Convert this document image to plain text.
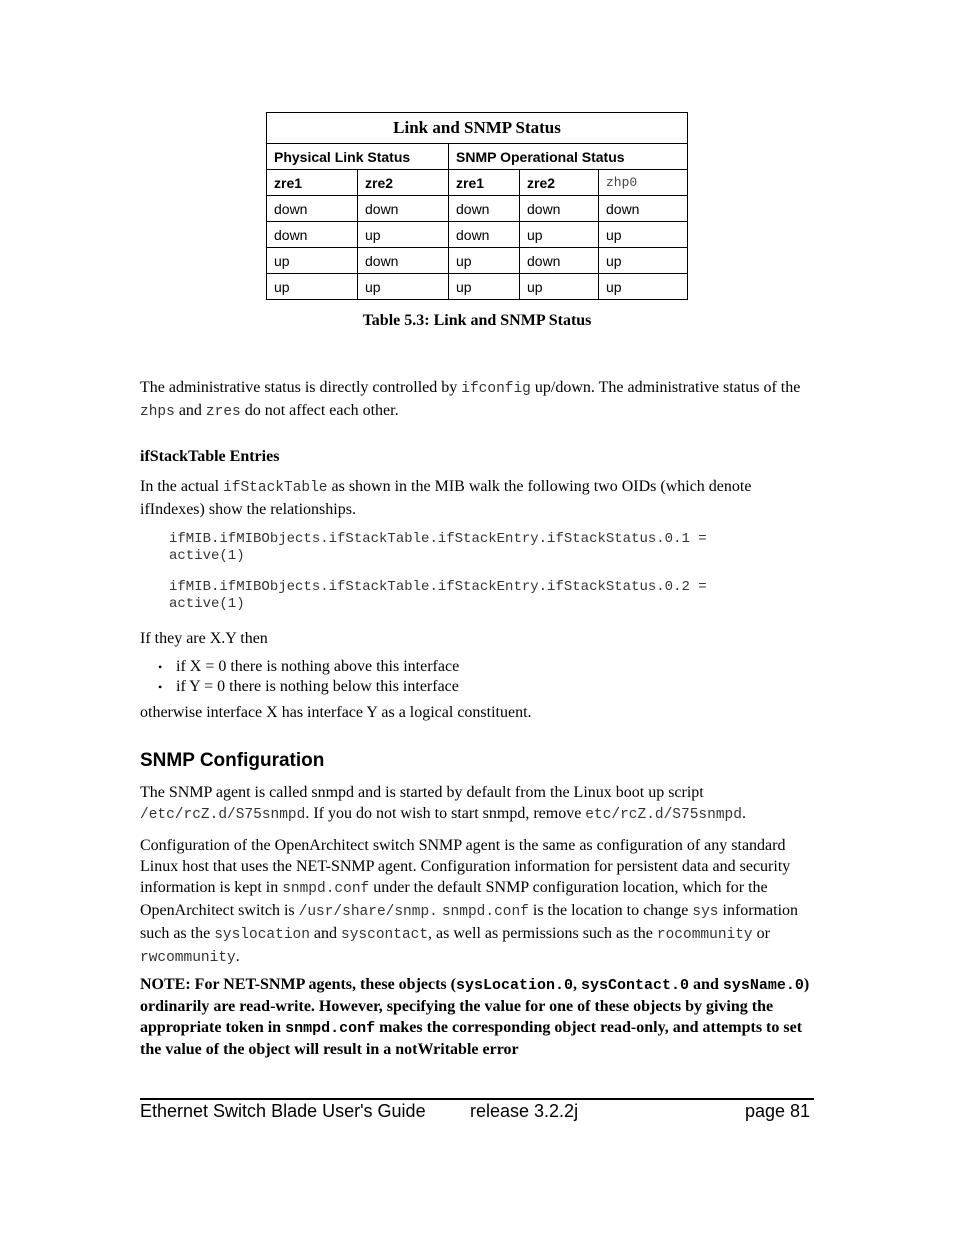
Link and SNMP Status				
Physical Link Status		SNMP Operational Status		
zre1	zre2	zre1	zre2	zhp0
down	down	down	down	down
down	up	down	up	up
up	down	up	down	up
up	up	up	up	up
Table 5.3: Link and SNMP Status
The administrative status is directly controlled by ifconfig up/down. The administrative status of the zhps and zres do not affect each other.
ifStackTable Entries
In the actual ifStackTable as shown in the MIB walk the following two OIDs (which denote ifIndexes) show the relationships.
ifMIB.ifMIBObjects.ifStackTable.ifStackEntry.ifStackStatus.0.1 =
active(1)
ifMIB.ifMIBObjects.ifStackTable.ifStackEntry.ifStackStatus.0.2 =
active(1)
If they are X.Y then
• if X = 0 there is nothing above this interface
• if Y = 0 there is nothing below this interface
otherwise interface X has interface Y as a logical constituent.
SNMP Configuration
The SNMP agent is called snmpd and is started by default from the Linux boot up script /etc/rcZ.d/S75snmpd. If you do not wish to start snmpd, remove etc/rcZ.d/S75snmpd.
Configuration of the OpenArchitect switch SNMP agent is the same as configuration of any standard Linux host that uses the NET-SNMP agent. Configuration information for persistent data and security information is kept in snmpd.conf under the default SNMP configuration location, which for the OpenArchitect switch is /usr/share/snmp. snmpd.conf is the location to change sys information such as the syslocation and syscontact, as well as permissions such as the rocommunity or rwcommunity.
NOTE: For NET-SNMP agents, these objects (sysLocation.0, sysContact.0 and sysName.0) ordinarily are read-write. However, specifying the value for one of these objects by giving the appropriate token in snmpd.conf makes the corresponding object read-only, and attempts to set the value of the object will result in a notWritable error
Ethernet Switch Blade User's Guide release 3.2.2j	page 81
